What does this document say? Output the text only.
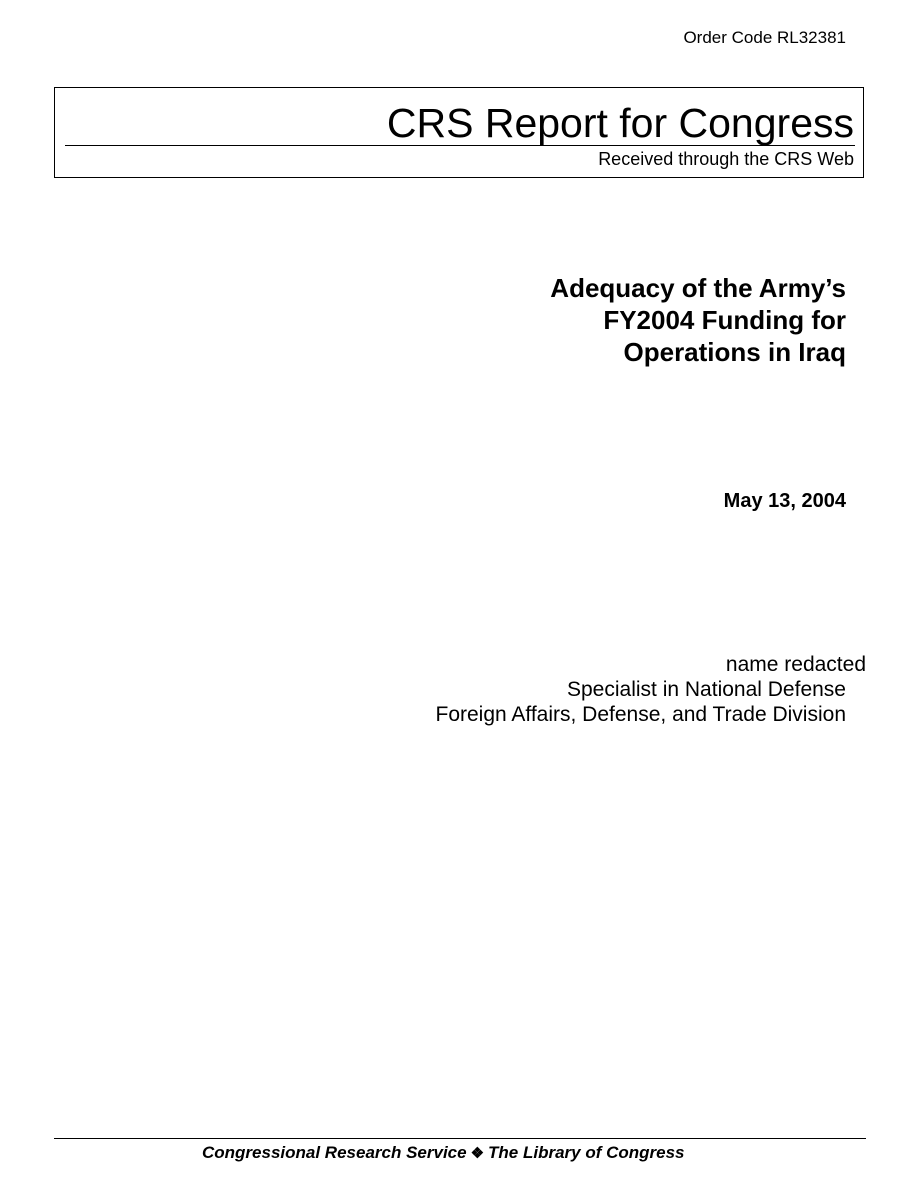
Order Code RL32381
CRS Report for Congress
Received through the CRS Web
Adequacy of the Army’s
FY2004 Funding for
Operations in Iraq
May 13, 2004
name redacted
Specialist in National Defense
Foreign Affairs, Defense, and Trade Division
Congressional Research Service ❖ The Library of Congress
